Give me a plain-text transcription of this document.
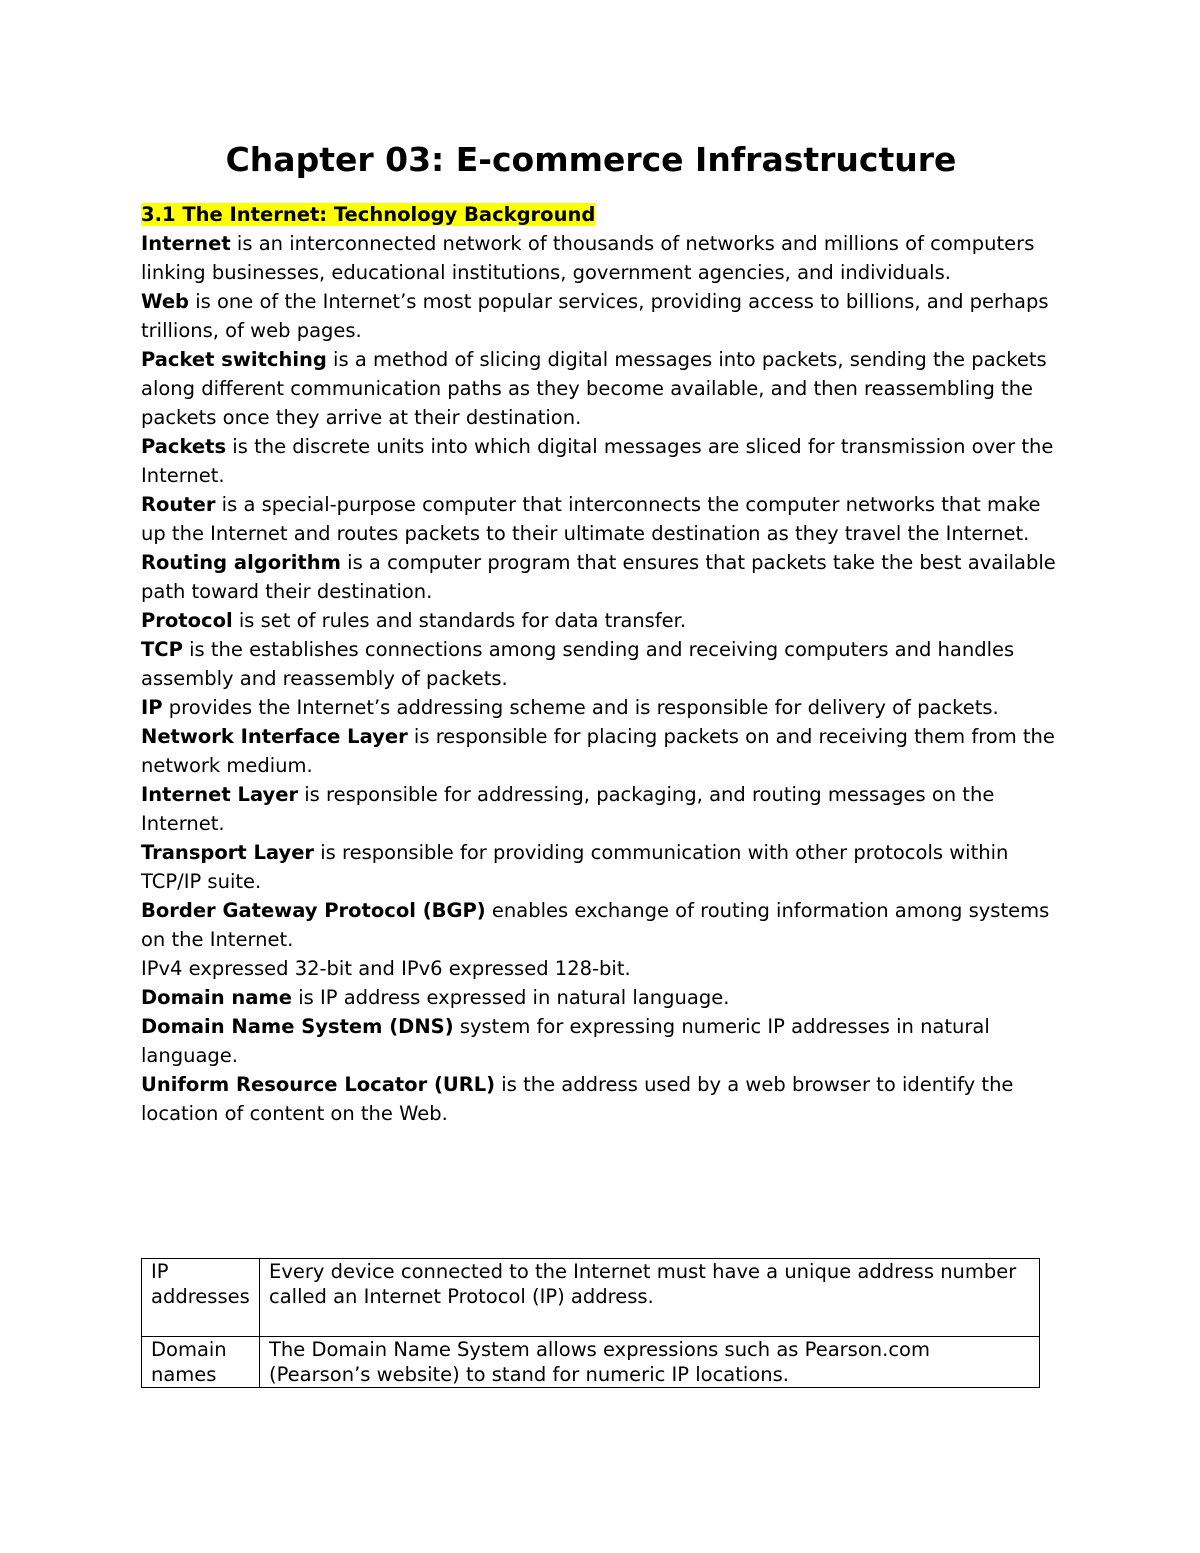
Chapter 03: E-commerce Infrastructure

3.1 The Internet: Technology Background

Internet is an interconnected network of thousands of networks and millions of computers linking businesses, educational institutions, government agencies, and individuals.

Web is one of the Internet’s most popular services, providing access to billions, and perhaps trillions, of web pages.

Packet switching is a method of slicing digital messages into packets, sending the packets along different communication paths as they become available, and then reassembling the packets once they arrive at their destination.

Packets is the discrete units into which digital messages are sliced for transmission over the Internet.

Router is a special-purpose computer that interconnects the computer networks that make up the Internet and routes packets to their ultimate destination as they travel the Internet.

Routing algorithm is a computer program that ensures that packets take the best available path toward their destination.

Protocol is set of rules and standards for data transfer.

TCP is the establishes connections among sending and receiving computers and handles assembly and reassembly of packets.

IP provides the Internet’s addressing scheme and is responsible for delivery of packets.

Network Interface Layer is responsible for placing packets on and receiving them from the network medium.

Internet Layer is responsible for addressing, packaging, and routing messages on the Internet.

Transport Layer is responsible for providing communication with other protocols within TCP/IP suite.

Border Gateway Protocol (BGP) enables exchange of routing information among systems on the Internet.

IPv4 expressed 32-bit and IPv6 expressed 128-bit.

Domain name is IP address expressed in natural language.

Domain Name System (DNS) system for expressing numeric IP addresses in natural language.

Uniform Resource Locator (URL) is the address used by a web browser to identify the location of content on the Web.

IP addresses	Every device connected to the Internet must have a unique address number called an Internet Protocol (IP) address.
Domain names	The Domain Name System allows expressions such as Pearson.com (Pearson’s website) to stand for numeric IP locations.
